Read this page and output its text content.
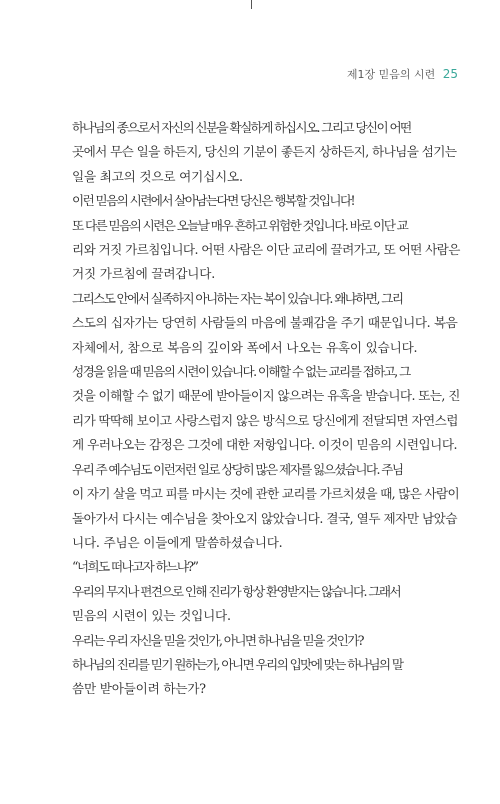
제1장 믿음의 시련 25

하나님의 종으로서 자신의 신분을 확실하게 하십시오. 그리고 당신이 어떤
곳에서 무슨 일을 하든지, 당신의 기분이 좋든지 상하든지, 하나님을 섬기는
일을 최고의 것으로 여기십시오.

이런 믿음의 시련에서 살아남는다면 당신은 행복할 것입니다!

또 다른 믿음의 시련은 오늘날 매우 흔하고 위험한 것입니다. 바로 이단 교
리와 거짓 가르침입니다. 어떤 사람은 이단 교리에 끌려가고, 또 어떤 사람은
거짓 가르침에 끌려갑니다.

그리스도 안에서 실족하지 아니하는 자는 복이 있습니다. 왜냐하면, 그리
스도의 십자가는 당연히 사람들의 마음에 불쾌감을 주기 때문입니다. 복음
자체에서, 참으로 복음의 깊이와 폭에서 나오는 유혹이 있습니다.

성경을 읽을 때 믿음의 시련이 있습니다. 이해할 수 없는 교리를 접하고, 그
것을 이해할 수 없기 때문에 받아들이지 않으려는 유혹을 받습니다. 또는, 진
리가 딱딱해 보이고 사랑스럽지 않은 방식으로 당신에게 전달되면 자연스럽
게 우러나오는 감정은 그것에 대한 저항입니다. 이것이 믿음의 시련입니다.

우리 주 예수님도 이런저런 일로 상당히 많은 제자를 잃으셨습니다. 주님
이 자기 살을 먹고 피를 마시는 것에 관한 교리를 가르치셨을 때, 많은 사람이
돌아가서 다시는 예수님을 찾아오지 않았습니다. 결국, 열두 제자만 남았습
니다. 주님은 이들에게 말씀하셨습니다.

“너희도 떠나고자 하느냐?”

우리의 무지나 편견으로 인해 진리가 항상 환영받지는 않습니다. 그래서
믿음의 시련이 있는 것입니다.

우리는 우리 자신을 믿을 것인가, 아니면 하나님을 믿을 것인가?

하나님의 진리를 믿기 원하는가, 아니면 우리의 입맛에 맞는 하나님의 말
씀만 받아들이려 하는가?
